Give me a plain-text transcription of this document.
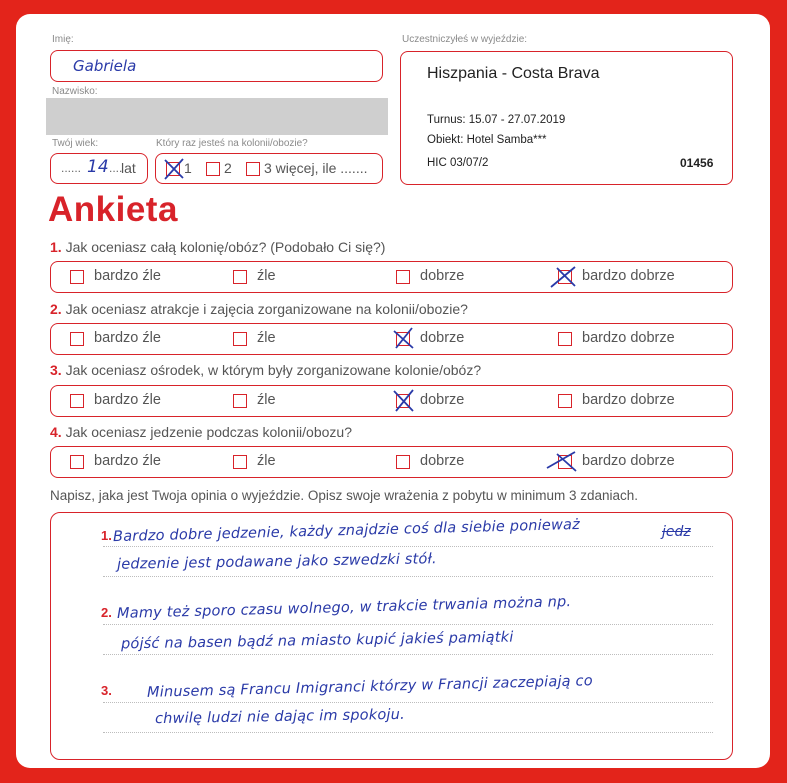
Imię:
Gabriela
Nazwisko:
Twój wiek:
...... 14 ....
lat
Który raz jesteś na kolonii/obozie?
1 2 3 więcej, ile .......
Uczestniczyłeś w wyjeździe:
Hiszpania - Costa Brava
Turnus: 15.07 - 27.07.2019
Obiekt: Hotel Samba***
HIC 03/07/2	01456
Ankieta
1. Jak oceniasz całą kolonię/obóz? (Podobało Ci się?)
bardzo źle	źle	dobrze	bardzo dobrze
2. Jak oceniasz atrakcje i zajęcia zorganizowane na kolonii/obozie?
bardzo źle	źle	dobrze	bardzo dobrze
3. Jak oceniasz ośrodek, w którym były zorganizowane kolonie/obóz?
bardzo źle	źle	dobrze	bardzo dobrze
4. Jak oceniasz jedzenie podczas kolonii/obozu?
bardzo źle	źle	dobrze	bardzo dobrze
Napisz, jaka jest Twoja opinia o wyjeździe. Opisz swoje wrażenia z pobytu w minimum 3 zdaniach.
1. Bardzo dobre jedzenie, każdy znajdzie coś dla siebie ponieważ	jedz
jedzenie jest podawane jako szwedzki stół.
2. Mamy też sporo czasu wolnego, w trakcie trwania można np.
pójść na basen bądź na miasto kupić jakieś pamiątki
3. Minusem są Francu Imigranci którzy w Francji zaczepiają co
chwilę ludzi nie dając im spokoju.
